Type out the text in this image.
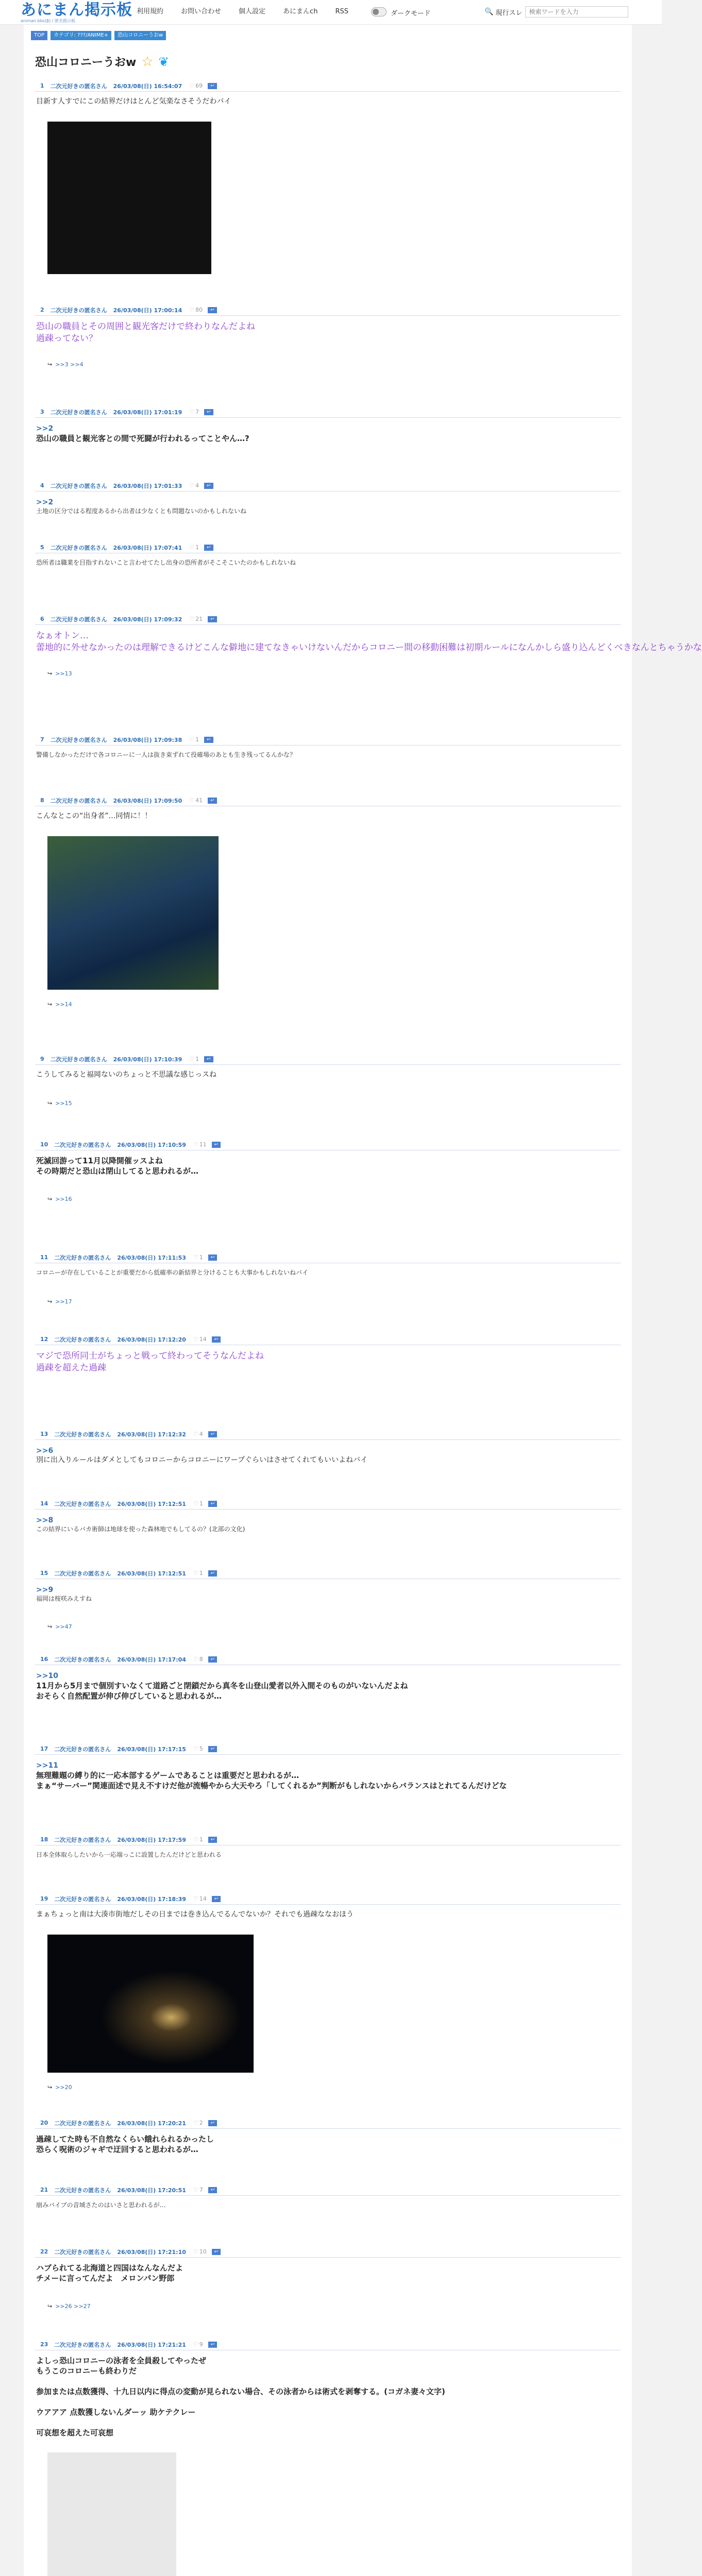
あにまん掲示板
animan bbs(β) / 匿名掲示板
利用規約	お問い合わせ	個人設定	あにまんch	RSS	ダークモード	🔍 現行スレ
検索ワードを入力
TOP	カテゴリ: ???/ANIME+	恐山コロニーうおw
恐山コロニーうおw ☆ ❦
1 二次元好きの匿名さん 26/03/08(日) 16:54:07 ♡ 69	↩
目新す人すでにこの結界だけはとんど気楽なさそうだわバイ
2 二次元好きの匿名さん 26/03/08(日) 17:00:14 ♡ 80	↩
恐山の職員とその周囲と観光客だけで終わりなんだよね
過疎ってない？
↪ >>3 >>4
3 二次元好きの匿名さん 26/03/08(日) 17:01:19 ♡ 7	↩
>>2
恐山の職員と観光客との間で死闘が行われるってことやん…?
4 二次元好きの匿名さん 26/03/08(日) 17:01:33 ♡ 4	↩
>>2
土地の区分ではる程度あるから出者は少なくとも問題ないのかもしれないね
5 二次元好きの匿名さん 26/03/08(日) 17:07:41 ♡ 1	↩
恐所者は職業を目指すれないこと言わせてたし出身の恐所者がそこそこいたのかもしれないね
6 二次元好きの匿名さん 26/03/08(日) 17:09:32 ♡ 21	↩
なぁオトン…
蕾地的に外せなかったのは理解できるけどこんな僻地に建てなきゃいけないんだからコロニー間の移動困難は初期ルールになんかしら盛り込んどくべきなんとちゃうかな
↪ >>13
7 二次元好きの匿名さん 26/03/08(日) 17:09:38 ♡ 1	↩
警備しなかっただけで各コロニーに一人は抜き束ずれて役確場のあとも生き残ってるんかな？
8 二次元好きの匿名さん 26/03/08(日) 17:09:50 ♡ 41	↩
こんなとこの“出身者”…同情に！！
↪ >>14
9 二次元好きの匿名さん 26/03/08(日) 17:10:39 ♡ 1	↩
こうしてみると福岡ないのちょっと不思議な感じっスね
↪ >>15
10 二次元好きの匿名さん 26/03/08(日) 17:10:59 ♡ 11	↩
死滅回游って11月以降開催ッスよね
その時期だと恐山は閉山してると思われるが…
↪ >>16
11 二次元好きの匿名さん 26/03/08(日) 17:11:53 ♡ 1	↩
コロニーが存在していることが重要だから低確率の新結界と分けることも大事かもしれないねバイ
↪ >>17
12 二次元好きの匿名さん 26/03/08(日) 17:12:20 ♡ 14	↩
マジで恐所同士がちょっと戦って終わってそうなんだよね
過疎を超えた過疎
13 二次元好きの匿名さん 26/03/08(日) 17:12:32 ♡ 4	↩
>>6
別に出入りルールはダメとしてもコロニーからコロニーにワープぐらいはさせてくれてもいいよねバイ
14 二次元好きの匿名さん 26/03/08(日) 17:12:51 ♡ 1	↩
>>8
この結界にいるバカ術師は地球を使った森林地でもしてるの？(北部の文化)
15 二次元好きの匿名さん 26/03/08(日) 17:12:51 ♡ 1	↩
>>9
福岡は桜咲みえすね
↪ >>47
16 二次元好きの匿名さん 26/03/08(日) 17:17:04 ♡ 8	↩
>>10
11月から5月まで個別すいなくて道路ごと閉鎖だから真冬を山登山愛者以外入間そのものがいないんだよね
おそらく自然配置が伸び伸びしていると思われるが…
17 二次元好きの匿名さん 26/03/08(日) 17:17:15 ♡ 5	↩
>>11
無理難題の縛り的に一応本部するゲームであることは重要だと思われるが…
まぁ“サーバー”関連面述で見え不すけだ他が流暢やから大天やろ「してくれるか”判断がもしれないからバランスはとれてるんだけどな
18 二次元好きの匿名さん 26/03/08(日) 17:17:59 ♡ 1	↩
日本全体取らしたいから一応端っこに設置したんだけどと思われる
19 二次元好きの匿名さん 26/03/08(日) 17:18:39 ♡ 14	↩
まぁちょっと南は大湊市街地だしその日までは巻き込んでるんでないか？それでも過疎ななおほう
↪ >>20
20 二次元好きの匿名さん 26/03/08(日) 17:20:21 ♡ 2	↩
過疎してた時も不自然なくらい餓れられるかったし
恐らく呪術のジャギで迂回すると思われるが…
21 二次元好きの匿名さん 26/03/08(日) 17:20:51 ♡ 7	↩
崩みバイブの音域さたのはいさと思われるが…
22 二次元好きの匿名さん 26/03/08(日) 17:21:10 ♡ 10	↩
ハブられてる北海道と四国はなんなんだよ
チメーに言ってんだよ　メロンパン野郎
↪ >>26 >>27
23 二次元好きの匿名さん 26/03/08(日) 17:21:21 ♡ 9	↩
よしっ恐山コロニーの泳者を全員殺してやったぜ
もうこのコロニーも終わりだ

参加または点数獲得、十九日以内に得点の変動が見られない場合、その泳者からは術式を剥奪する。(コガネ妻々文字)

ウアアア 点数獲しないんダーッ 助ケテクレー

可哀想を超えた可哀想
